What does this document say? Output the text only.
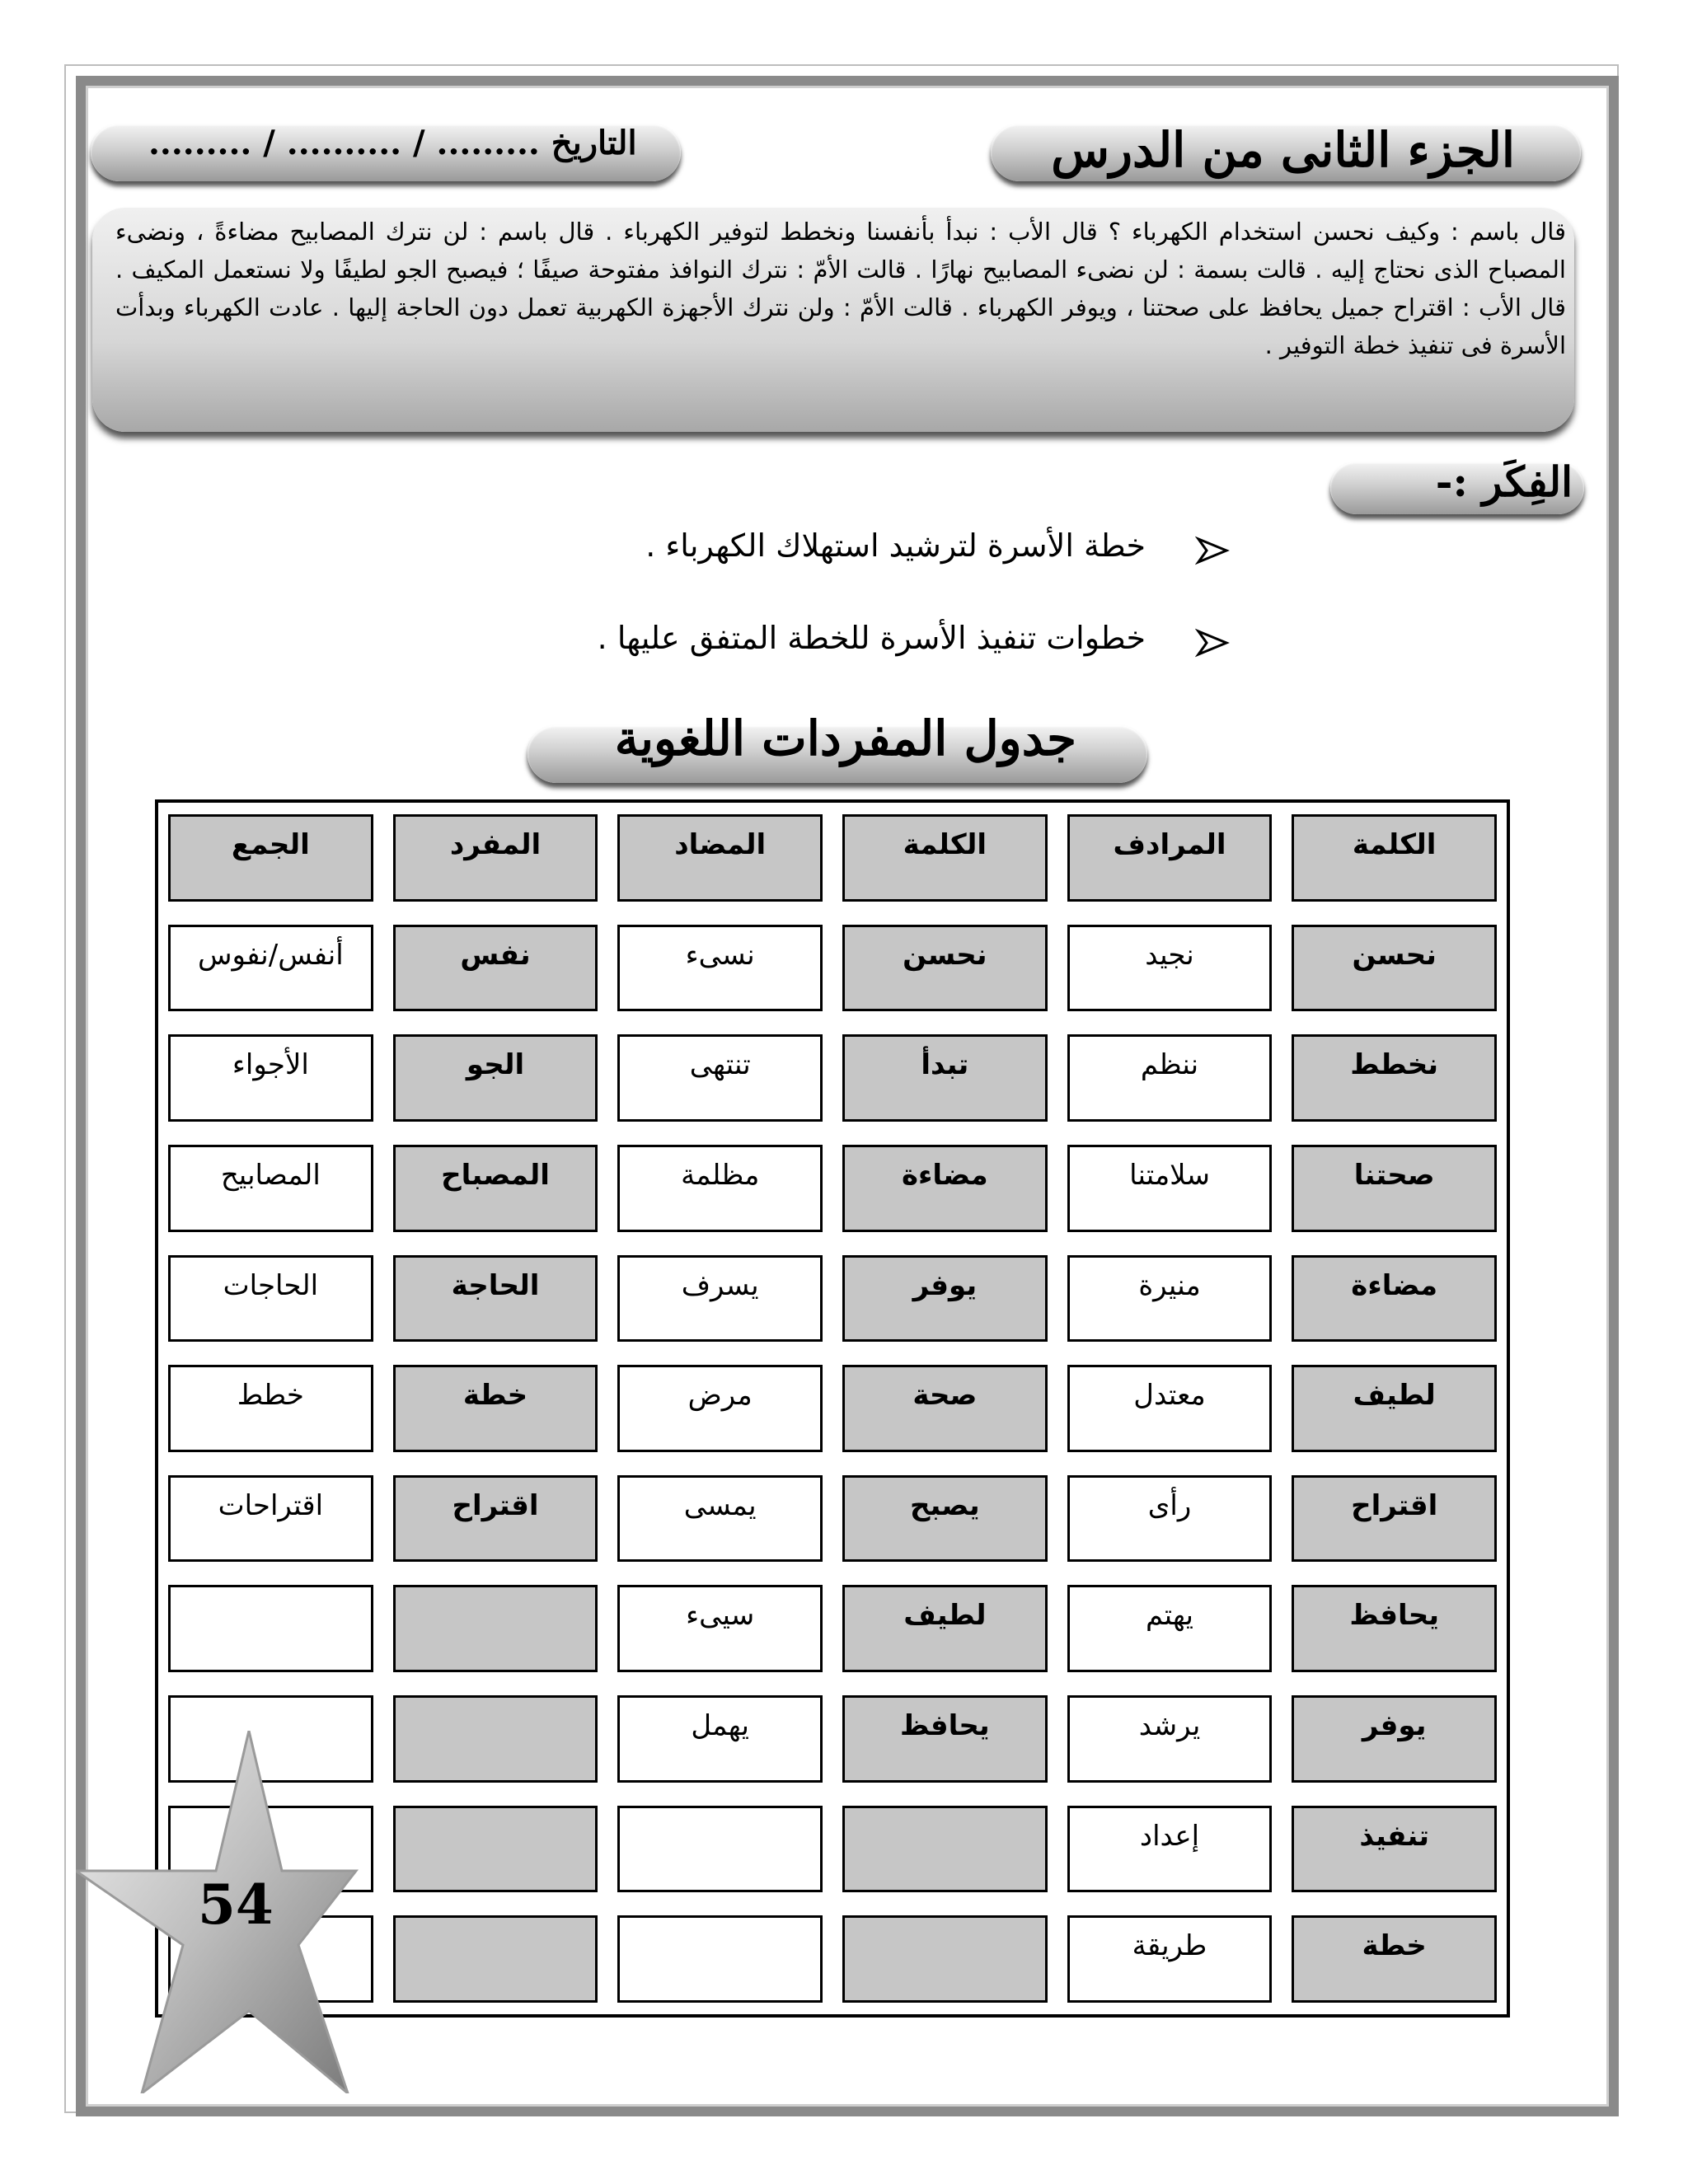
الجزء الثانى من الدرس
التاريخ ......... / .......... / .........
قال باسم : وكيف نحسن استخدام الكهرباء ؟ قال الأب : نبدأ بأنفسنا ونخطط لتوفير الكهرباء . قال باسم : لن نترك المصابيح مضاءةً ، ونضىء المصباح الذى نحتاج إليه . قالت بسمة : لن نضىء المصابيح نهارًا . قالت الأمّ : نترك النوافذ مفتوحة صيفًا ؛ فيصبح الجو لطيفًا ولا نستعمل المكيف . قال الأب : اقتراح جميل يحافظ على صحتنا ، ويوفر الكهرباء . قالت الأمّ : ولن نترك الأجهزة الكهربية تعمل دون الحاجة إليها . عادت الكهرباء وبدأت الأسرة فى تنفيذ خطة التوفير .
الفِكَر :-
خطة الأسرة لترشيد استهلاك الكهرباء .
خطوات تنفيذ الأسرة للخطة المتفق عليها .
جدول المفردات اللغوية
الكلمة
المرادف
الكلمة
المضاد
المفرد
الجمع
نحسن
نجيد
نحسن
نسىء
نفس
أنفس/نفوس
نخطط
ننظم
تبدأ
تنتهى
الجو
الأجواء
صحتنا
سلامتنا
مضاءة
مظلمة
المصباح
المصابيح
مضاءة
منيرة
يوفر
يسرف
الحاجة
الحاجات
لطيف
معتدل
صحة
مرض
خطة
خطط
اقتراح
رأى
يصبح
يمسى
اقتراح
اقتراحات
يحافظ
يهتم
لطيف
سيىء
يوفر
يرشد
يحافظ
يهمل
تنفيذ
إعداد
خطة
طريقة
54
